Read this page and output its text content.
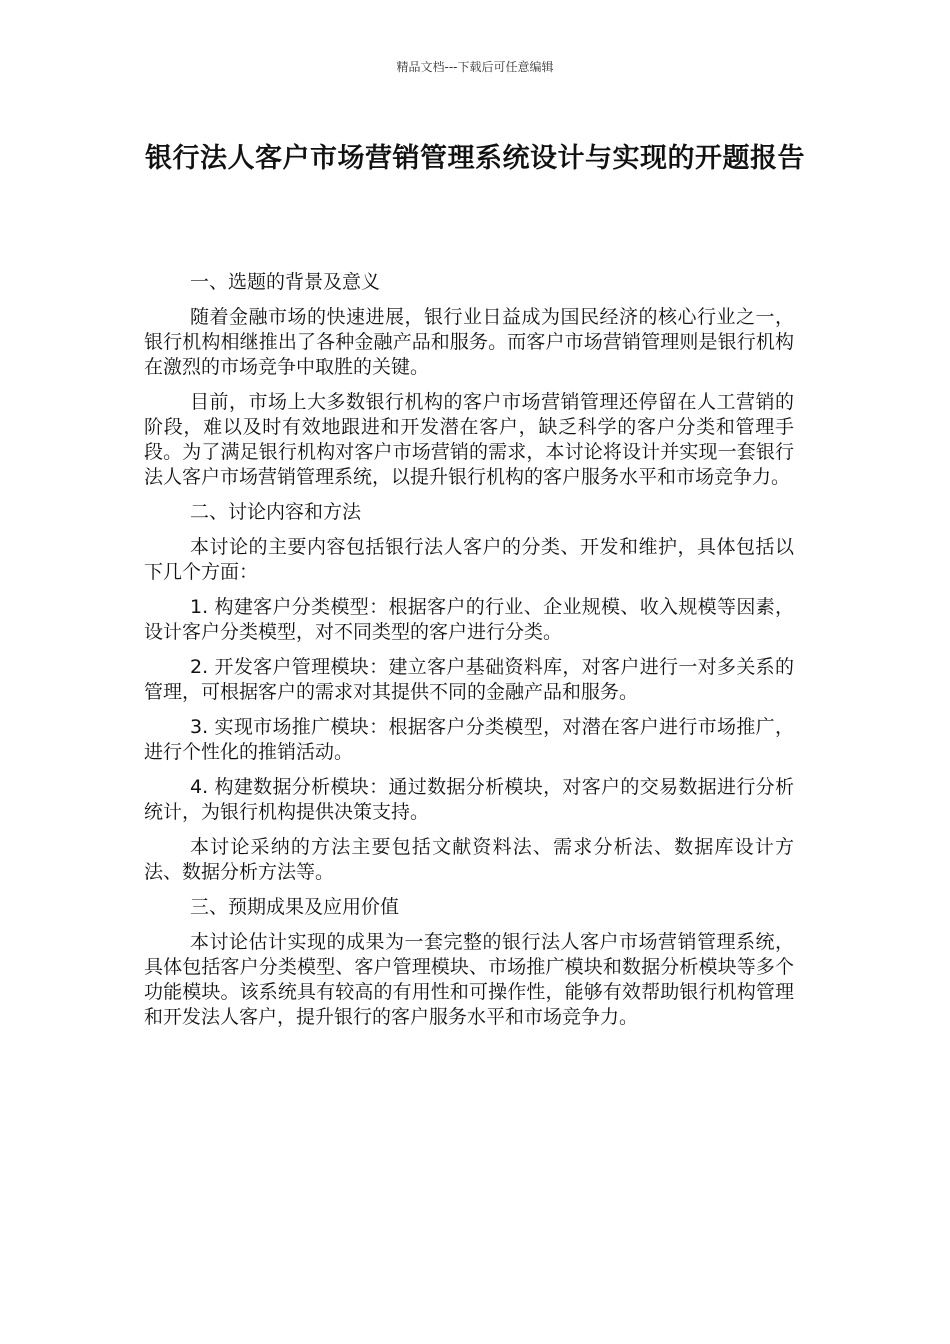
精品文档---下载后可任意编辑
银行法人客户市场营销管理系统设计与实现的开题报告

一、选题的背景及意义

随着金融市场的快速进展，银行业日益成为国民经济的核心行业之一，银行机构相继推出了各种金融产品和服务。而客户市场营销管理则是银行机构在激烈的市场竞争中取胜的关键。

目前，市场上大多数银行机构的客户市场营销管理还停留在人工营销的阶段，难以及时有效地跟进和开发潜在客户，缺乏科学的客户分类和管理手段。为了满足银行机构对客户市场营销的需求，本讨论将设计并实现一套银行法人客户市场营销管理系统，以提升银行机构的客户服务水平和市场竞争力。

二、讨论内容和方法

本讨论的主要内容包括银行法人客户的分类、开发和维护，具体包括以下几个方面：

1. 构建客户分类模型：根据客户的行业、企业规模、收入规模等因素，设计客户分类模型，对不同类型的客户进行分类。

2. 开发客户管理模块：建立客户基础资料库，对客户进行一对多关系的管理，可根据客户的需求对其提供不同的金融产品和服务。

3. 实现市场推广模块：根据客户分类模型，对潜在客户进行市场推广，进行个性化的推销活动。

4. 构建数据分析模块：通过数据分析模块，对客户的交易数据进行分析统计，为银行机构提供决策支持。

本讨论采纳的方法主要包括文献资料法、需求分析法、数据库设计方法、数据分析方法等。

三、预期成果及应用价值

本讨论估计实现的成果为一套完整的银行法人客户市场营销管理系统，具体包括客户分类模型、客户管理模块、市场推广模块和数据分析模块等多个功能模块。该系统具有较高的有用性和可操作性，能够有效帮助银行机构管理和开发法人客户，提升银行的客户服务水平和市场竞争力。
